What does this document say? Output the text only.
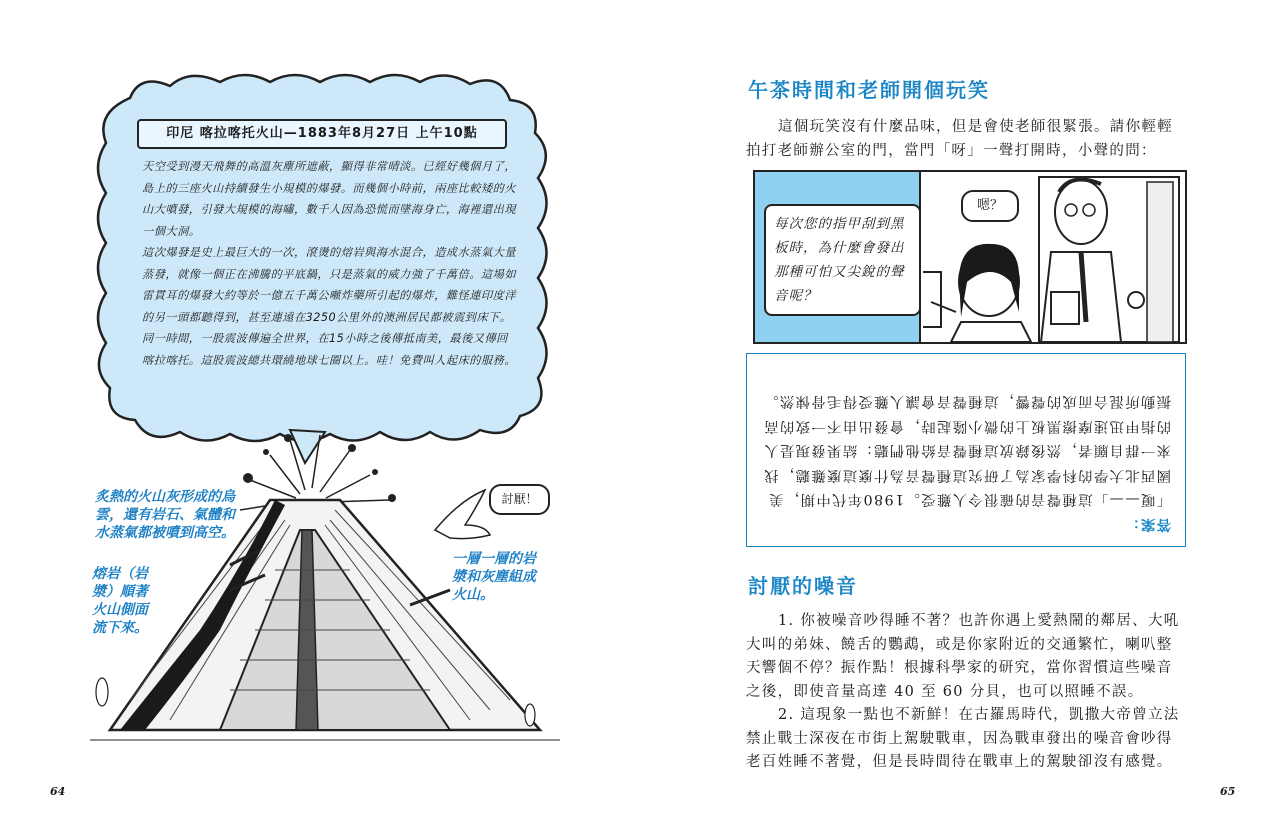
印尼 喀拉喀托火山—1883年8月27日 上午10點

天空受到漫天飛舞的高溫灰塵所遮蔽，顯得非常晴淡。已經好幾個月了，島上的三座火山持續發生小規模的爆發。而幾個小時前，兩座比較矮的火山大噴發，引發大規模的海嘯，數千人因為恐慌而墜海身亡，海裡還出現一個大洞。

這次爆發是史上最巨大的一次，滾燙的熔岩與海水混合，造成水蒸氣大量蒸發，就像一個正在沸騰的平底鍋，只是蒸氣的威力強了千萬倍。這場如雷貫耳的爆發大約等於一億五千萬公噸炸藥所引起的爆炸，難怪連印度洋的另一頭都聽得到，甚至連遠在3250公里外的澳洲居民都被震到床下。

同一時間，一股震波傳遍全世界，在15小時之後傳抵南美，最後又傳回喀拉喀托。這股震波總共環繞地球七圈以上。哇！免費叫人起床的服務。

炙熱的火山灰形成的烏雲，還有岩石、氣體和水蒸氣都被噴到高空。
熔岩（岩漿）順著火山側面流下來。
一層一層的岩漿和灰塵組成火山。
討厭！
64
午茶時間和老師開個玩笑

這個玩笑沒有什麼品味，但是會使老師很緊張。請你輕輕拍打老師辦公室的門，當門「呀」一聲打開時，小聲的問：

每次您的指甲刮到黑板時，為什麼會發出那種可怕又尖銳的聲音呢？
嗯？

答案：

「嗄——」這種聲音的確很令人難受。1980年代中期，美國西北大學的科學家為了研究這種聲音為什麼這麼難聽，找來一群自願者，然後錄放這種聲音給他們聽：結果發現是人的指甲迅速摩擦黑板上的微小隆起時，會發出由不一致的高振動所混合而成的聲響，這種聲音會讓人難受得毛骨悚然。

討厭的噪音

1. 你被噪音吵得睡不著？也許你遇上愛熱鬧的鄰居、大吼大叫的弟妹、饒舌的鸚鵡，或是你家附近的交通繁忙，喇叭整天響個不停？振作點！根據科學家的研究，當你習慣這些噪音之後，即使音量高達 40 至 60 分貝，也可以照睡不誤。

2. 這現象一點也不新鮮！在古羅馬時代，凱撒大帝曾立法禁止戰士深夜在市街上駕駛戰車，因為戰車發出的噪音會吵得老百姓睡不著覺，但是長時間待在戰車上的駕駛卻沒有感覺。

65
